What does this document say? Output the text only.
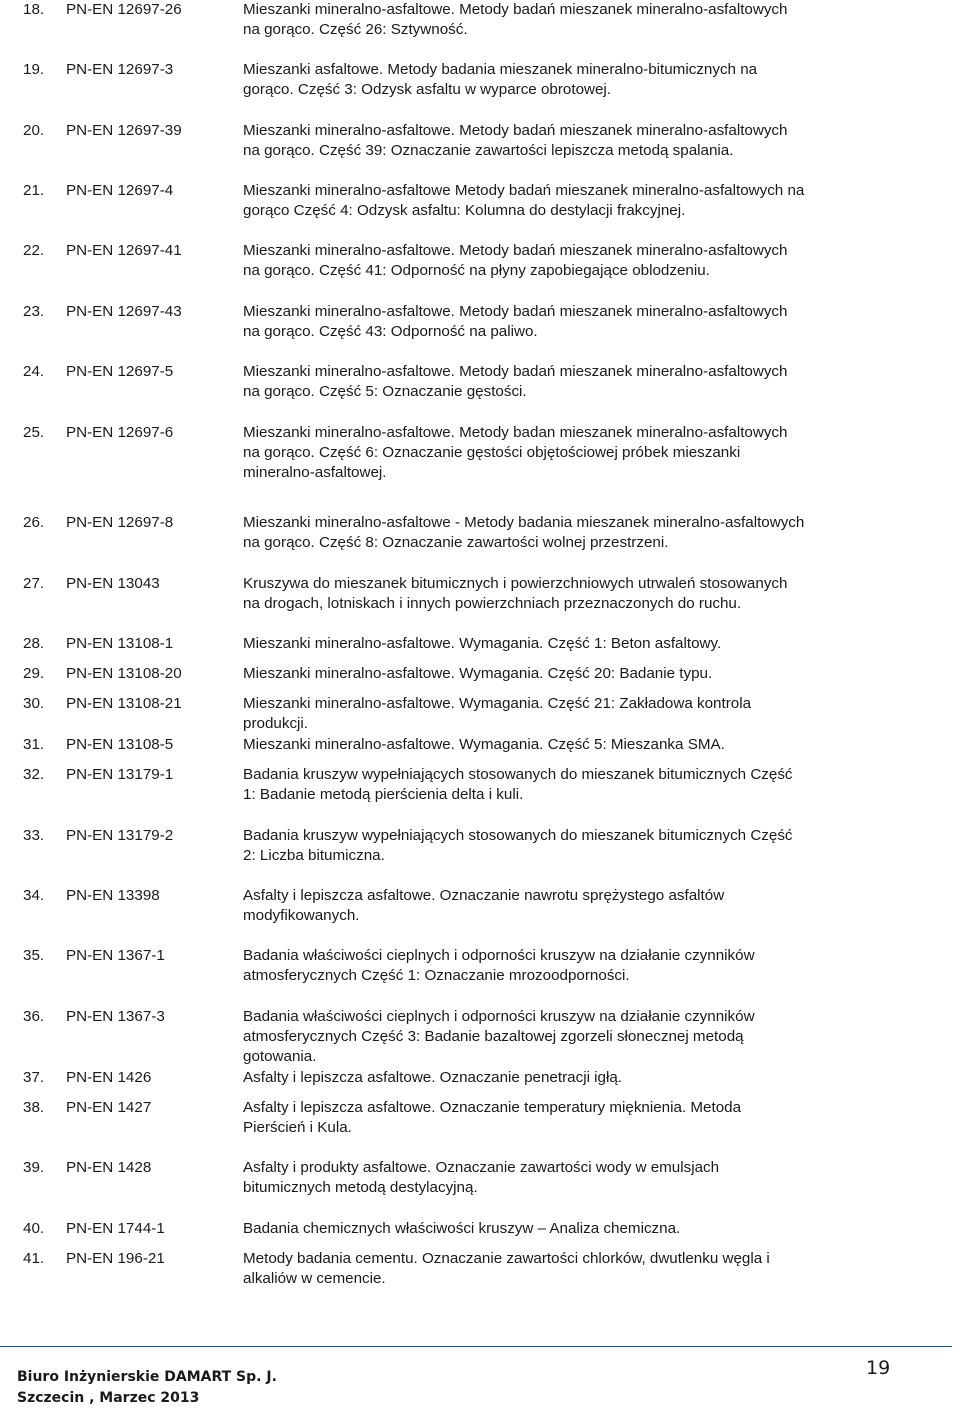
18. PN-EN 12697-26	Mieszanki mineralno-asfaltowe. Metody badań mieszanek mineralno-asfaltowych
na gorąco. Część 26: Sztywność.
19. PN-EN 12697-3	Mieszanki asfaltowe. Metody badania mieszanek mineralno-bitumicznych na
gorąco. Część 3: Odzysk asfaltu w wyparce obrotowej.
20. PN-EN 12697-39	Mieszanki mineralno-asfaltowe. Metody badań mieszanek mineralno-asfaltowych
na gorąco. Część 39: Oznaczanie zawartości lepiszcza metodą spalania.
21. PN-EN 12697-4	Mieszanki mineralno-asfaltowe Metody badań mieszanek mineralno-asfaltowych na
gorąco Część 4: Odzysk asfaltu: Kolumna do destylacji frakcyjnej.
22. PN-EN 12697-41	Mieszanki mineralno-asfaltowe. Metody badań mieszanek mineralno-asfaltowych
na gorąco. Część 41: Odporność na płyny zapobiegające oblodzeniu.
23. PN-EN 12697-43	Mieszanki mineralno-asfaltowe. Metody badań mieszanek mineralno-asfaltowych
na gorąco. Część 43: Odporność na paliwo.
24. PN-EN 12697-5	Mieszanki mineralno-asfaltowe. Metody badań mieszanek mineralno-asfaltowych
na gorąco. Część 5: Oznaczanie gęstości.
25. PN-EN 12697-6	Mieszanki mineralno-asfaltowe. Metody badan mieszanek mineralno-asfaltowych
na gorąco. Część 6: Oznaczanie gęstości objętościowej próbek mieszanki
mineralno-asfaltowej.
26. PN-EN 12697-8	Mieszanki mineralno-asfaltowe - Metody badania mieszanek mineralno-asfaltowych
na gorąco. Część 8: Oznaczanie zawartości wolnej przestrzeni.
27. PN-EN 13043	Kruszywa do mieszanek bitumicznych i powierzchniowych utrwaleń stosowanych
na drogach, lotniskach i innych powierzchniach przeznaczonych do ruchu.
28. PN-EN 13108-1	Mieszanki mineralno-asfaltowe. Wymagania. Część 1: Beton asfaltowy.
29. PN-EN 13108-20	Mieszanki mineralno-asfaltowe. Wymagania. Część 20: Badanie typu.
30. PN-EN 13108-21	Mieszanki mineralno-asfaltowe. Wymagania. Część 21: Zakładowa kontrola
produkcji.
31. PN-EN 13108-5	Mieszanki mineralno-asfaltowe. Wymagania. Część 5: Mieszanka SMA.
32. PN-EN 13179-1	Badania kruszyw wypełniających stosowanych do mieszanek bitumicznych Część
1: Badanie metodą pierścienia delta i kuli.
33. PN-EN 13179-2	Badania kruszyw wypełniających stosowanych do mieszanek bitumicznych Część
2: Liczba bitumiczna.
34. PN-EN 13398	Asfalty i lepiszcza asfaltowe. Oznaczanie nawrotu sprężystego asfaltów
modyfikowanych.
35. PN-EN 1367-1	Badania właściwości cieplnych i odporności kruszyw na działanie czynników
atmosferycznych Część 1: Oznaczanie mrozoodporności.
36. PN-EN 1367-3	Badania właściwości cieplnych i odporności kruszyw na działanie czynników
atmosferycznych Część 3: Badanie bazaltowej zgorzeli słonecznej metodą
gotowania.
37. PN-EN 1426	Asfalty i lepiszcza asfaltowe. Oznaczanie penetracji igłą.
38. PN-EN 1427	Asfalty i lepiszcza asfaltowe. Oznaczanie temperatury mięknienia. Metoda
Pierścień i Kula.
39. PN-EN 1428	Asfalty i produkty asfaltowe. Oznaczanie zawartości wody w emulsjach
bitumicznych metodą destylacyjną.
40. PN-EN 1744-1	Badania chemicznych właściwości kruszyw – Analiza chemiczna.
41. PN-EN 196-21	Metody badania cementu. Oznaczanie zawartości chlorków, dwutlenku węgla i
alkaliów w cemencie.
Biuro Inżynierskie DAMART Sp. J.
Szczecin , Marzec 2013
19
